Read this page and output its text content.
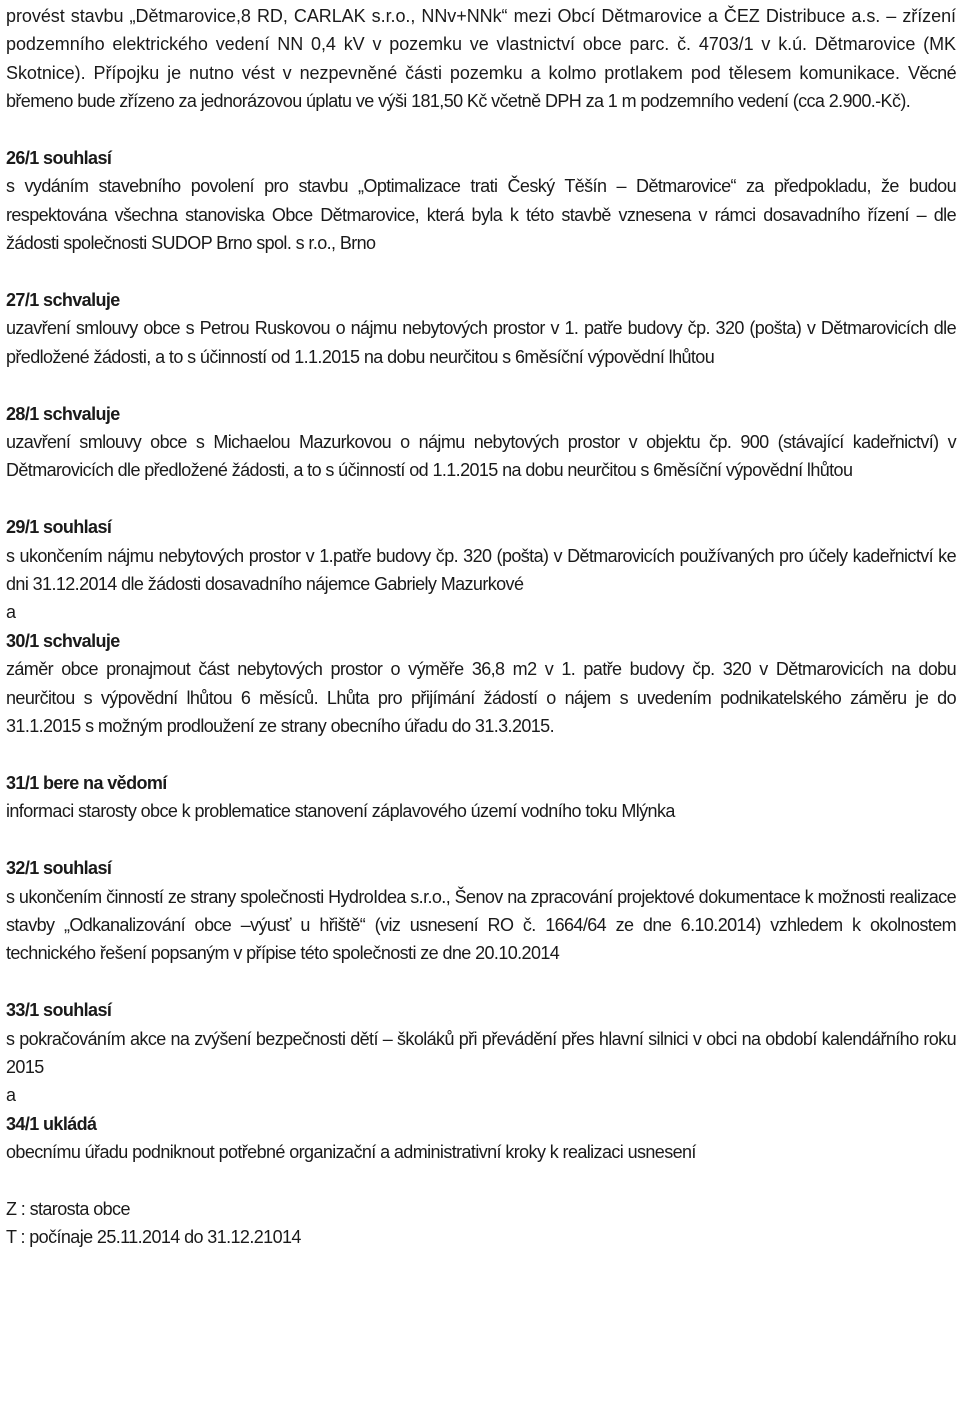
provést stavbu „Dětmarovice,8 RD, CARLAK s.r.o., NNv+NNk“ mezi Obcí Dětmarovice a ČEZ Distribuce a.s. – zřízení podzemního elektrického vedení NN 0,4 kV v pozemku ve vlastnictví obce parc. č. 4703/1 v k.ú. Dětmarovice (MK Skotnice). Přípojku je nutno vést v nezpevněné části pozemku a kolmo protlakem pod tělesem komunikace. Věcné břemeno bude zřízeno za jednorázovou úplatu ve výši 181,50 Kč včetně DPH za 1 m podzemního vedení (cca 2.900.-Kč).

26/1 souhlasí

s vydáním stavebního povolení pro stavbu „Optimalizace trati Český Těšín – Dětmarovice“ za předpokladu, že budou respektována všechna stanoviska Obce Dětmarovice, která byla k této stavbě vznesena v rámci dosavadního řízení – dle žádosti společnosti SUDOP Brno spol. s r.o., Brno

27/1 schvaluje

uzavření smlouvy obce s Petrou Ruskovou o nájmu nebytových prostor v 1. patře budovy čp. 320 (pošta) v Dětmarovicích dle předložené žádosti, a to s účinností od 1.1.2015 na dobu neurčitou s 6měsíční výpovědní lhůtou

28/1 schvaluje

uzavření smlouvy obce s Michaelou Mazurkovou o nájmu nebytových prostor v objektu čp. 900 (stávající kadeřnictví) v Dětmarovicích dle předložené žádosti, a to s účinností od 1.1.2015 na dobu neurčitou s 6měsíční výpovědní lhůtou

29/1 souhlasí

s ukončením nájmu nebytových prostor v 1.patře budovy čp. 320 (pošta) v Dětmarovicích používaných pro účely kadeřnictví ke dni 31.12.2014 dle žádosti dosavadního nájemce Gabriely Mazurkové

a

30/1 schvaluje

záměr obce pronajmout část nebytových prostor o výměře 36,8 m2 v 1. patře budovy čp. 320 v Dětmarovicích na dobu neurčitou s výpovědní lhůtou 6 měsíců. Lhůta pro přijímání žádostí o nájem s uvedením podnikatelského záměru je do 31.1.2015 s možným prodloužení ze strany obecního úřadu do 31.3.2015.

31/1 bere na vědomí

informaci starosty obce k problematice stanovení záplavového území vodního toku Mlýnka

32/1 souhlasí

s ukončením činností ze strany společnosti HydroIdea s.r.o., Šenov na zpracování projektové dokumentace k možnosti realizace stavby „Odkanalizování obce –výusť u hřiště“ (viz usnesení RO č. 1664/64 ze dne 6.10.2014) vzhledem k okolnostem technického řešení popsaným v přípise této společnosti ze dne 20.10.2014

33/1 souhlasí

s pokračováním akce na zvýšení bezpečnosti dětí – školáků při převádění přes hlavní silnici v obci na období kalendářního roku 2015

a

34/1 ukládá

obecnímu úřadu podniknout potřebné organizační a administrativní kroky k realizaci usnesení

Z : starosta obce

T : počínaje 25.11.2014 do 31.12.21014
